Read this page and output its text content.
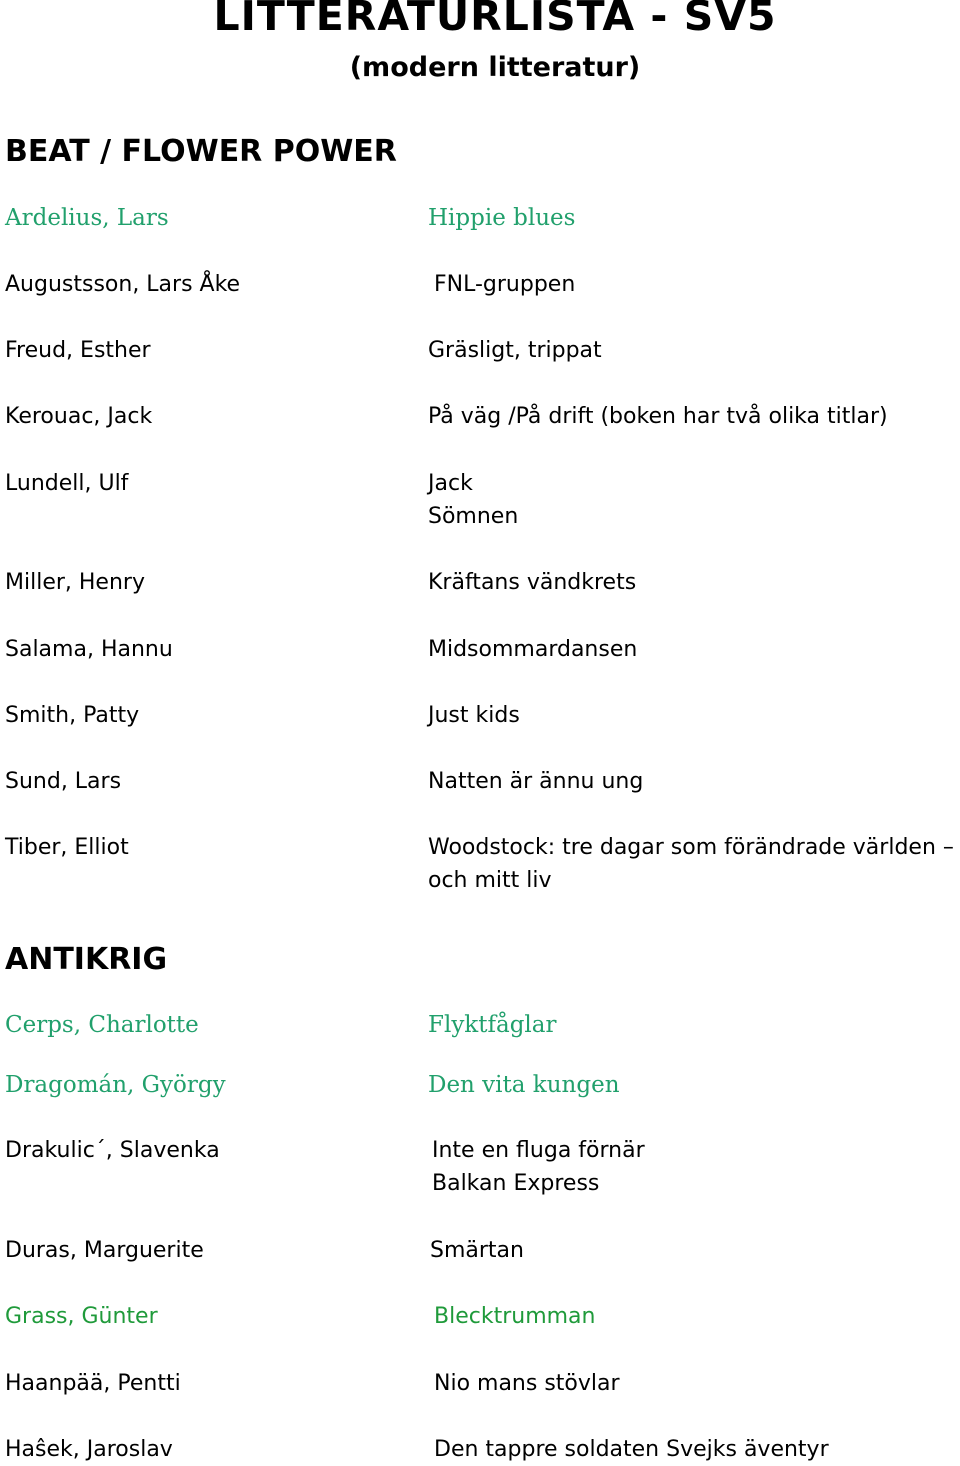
LITTERATURLISTA - SV5
(modern litteratur)
BEAT / FLOWER POWER
Ardelius, Lars	Hippie blues
Augustsson, Lars Åke	FNL-gruppen
Freud, Esther	Gräsligt, trippat
Kerouac, Jack	På väg /På drift (boken har två olika titlar)
Lundell, Ulf	Jack
Sömnen
Miller, Henry	Kräftans vändkrets
Salama, Hannu	Midsommardansen
Smith, Patty	Just kids
Sund, Lars	Natten är ännu ung
Tiber, Elliot	Woodstock: tre dagar som förändrade världen –
och mitt liv
ANTIKRIG
Cerps, Charlotte	Flyktfåglar
Dragomán, György	Den vita kungen
Drakulic´, Slavenka	Inte en fluga förnär
Balkan Express
Duras, Marguerite	Smärtan
Grass, Günter	Blecktrumman
Haanpää, Pentti	Nio mans stövlar
Haŝek, Jaroslav	Den tappre soldaten Svejks äventyr
